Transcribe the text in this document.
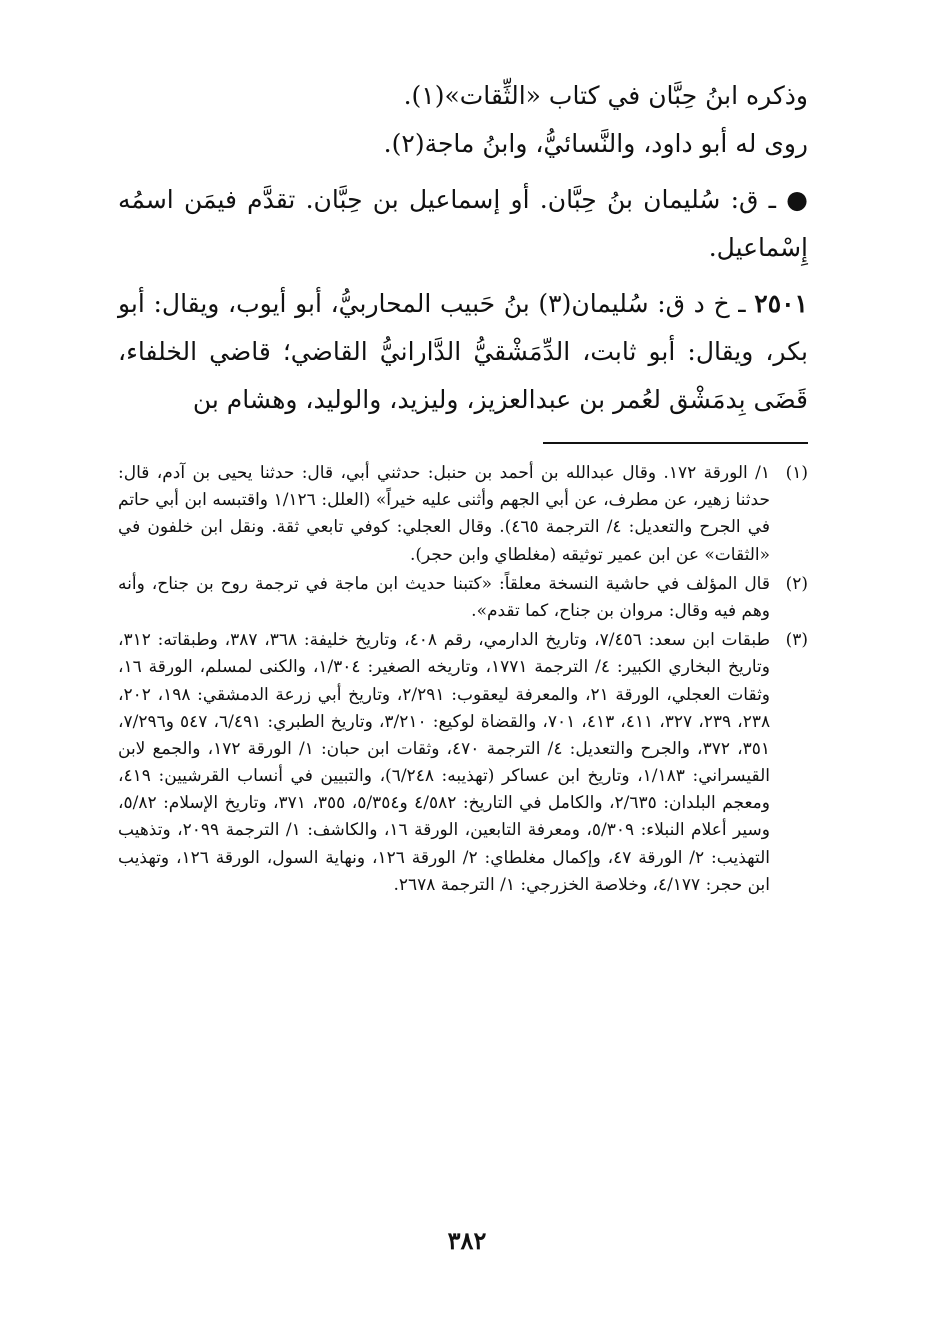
وذكره ابنُ حِبَّان في كتاب «الثِّقات»(١).

روى له أبو داود، والنَّسائيُّ، وابنُ ماجة(٢).

● ـ ق: سُليمان بنُ حِبَّان. أو إسماعيل بن حِبَّان. تقدَّم فيمَن اسمُه إِسْماعيل.

٢٥٠١ ـ خ د ق: سُليمان(٣) بنُ حَبيب المحاربيُّ، أبو أيوب، ويقال: أبو بكر، ويقال: أبو ثابت، الدِّمَشْقيُّ الدَّارانيُّ القاضي؛ قاضي الخلفاء، قَضَى بِدمَشْق لعُمر بن عبدالعزيز، وليزيد، والوليد، وهشام بن

(١)

١/ الورقة ١٧٢. وقال عبدالله بن أحمد بن حنبل: حدثني أبي، قال: حدثنا يحيى بن آدم، قال: حدثنا زهير، عن مطرف، عن أبي الجهم وأثنى عليه خيراً» (العلل: ١/١٢٦ واقتبسه ابن أبي حاتم في الجرح والتعديل: ٤/ الترجمة ٤٦٥). وقال العجلي: كوفي تابعي ثقة. ونقل ابن خلفون في «الثقات» عن ابن عمير توثيقه (مغلطاي وابن حجر).

(٢)

قال المؤلف في حاشية النسخة معلقاً: «كتبنا حديث ابن ماجة في ترجمة روح بن جناح، وأنه وهم فيه وقال: مروان بن جناح، كما تقدم».

(٣)

طبقات ابن سعد: ٧/٤٥٦، وتاريخ الدارمي، رقم ٤٠٨، وتاريخ خليفة: ٣٦٨، ٣٨٧، وطبقاته: ٣١٢، وتاريخ البخاري الكبير: ٤/ الترجمة ١٧٧١، وتاريخه الصغير: ١/٣٠٤، والكنى لمسلم، الورقة ١٦، وثقات العجلي، الورقة ٢١، والمعرفة ليعقوب: ٢/٢٩١، وتاريخ أبي زرعة الدمشقي: ١٩٨، ٢٠٢، ٢٣٨، ٢٣٩، ٣٢٧، ٤١١، ٤١٣، ٧٠١، والقضاة لوكيع: ٣/٢١٠، وتاريخ الطبري: ٦/٤٩١، ٥٤٧ و٧/٢٩٦، ٣٥١، ٣٧٢، والجرح والتعديل: ٤/ الترجمة ٤٧٠، وثقات ابن حبان: ١/ الورقة ١٧٢، والجمع لابن القيسراني: ١/١٨٣، وتاريخ ابن عساكر (تهذيبه: ٦/٢٤٨)، والتبيين في أنساب القرشيين: ٤١٩، ومعجم البلدان: ٢/٦٣٥، والكامل في التاريخ: ٤/٥٨٢ و٥/٣٥٤، ٣٥٥، ٣٧١، وتاريخ الإسلام: ٥/٨٢، وسير أعلام النبلاء: ٥/٣٠٩، ومعرفة التابعين، الورقة ١٦، والكاشف: ١/ الترجمة ٢٠٩٩، وتذهيب التهذيب: ٢/ الورقة ٤٧، وإكمال مغلطاي: ٢/ الورقة ١٢٦، ونهاية السول، الورقة ١٢٦، وتهذيب ابن حجر: ٤/١٧٧، وخلاصة الخزرجي: ١/ الترجمة ٢٦٧٨.

٣٨٢
